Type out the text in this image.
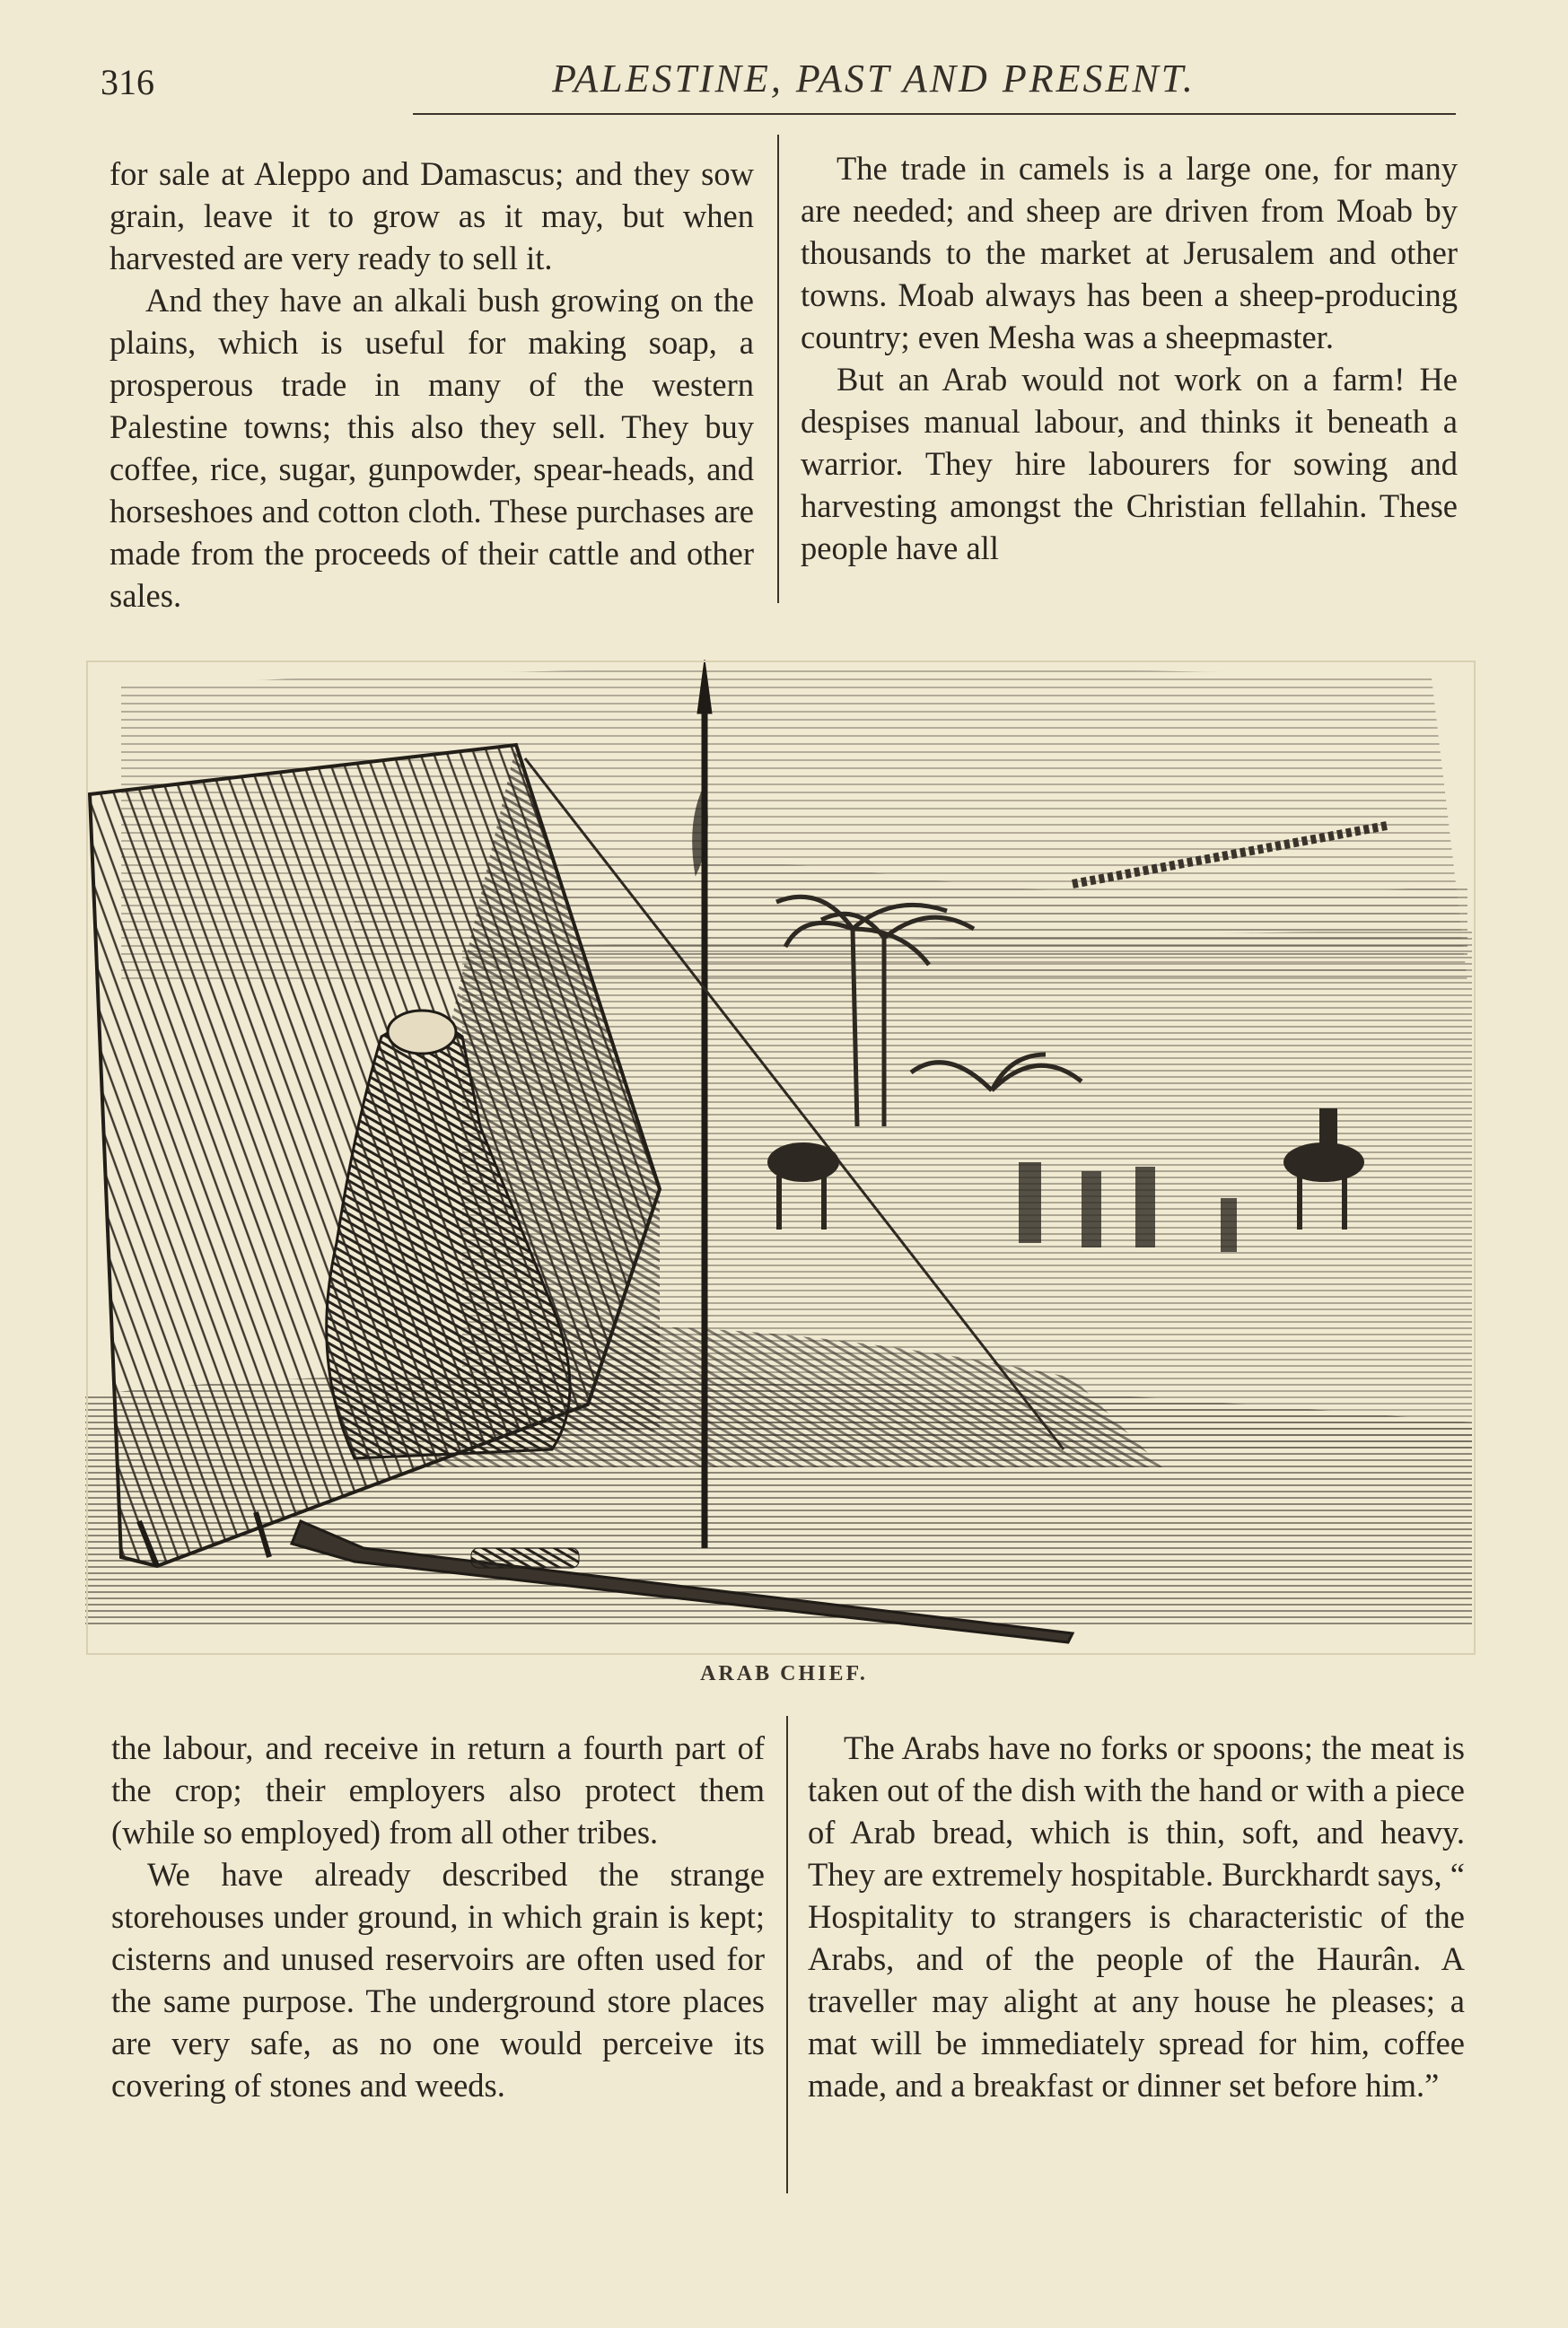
316	PALESTINE, PAST AND PRESENT.

for sale at Aleppo and Damascus; and they sow grain, leave it to grow as it may, but when harvested are very ready to sell it.

And they have an alkali bush growing on the plains, which is useful for making soap, a prosperous trade in many of the western Palestine towns; this also they sell. They buy coffee, rice, sugar, gunpowder, spear-heads, and horseshoes and cotton cloth. These purchases are made from the proceeds of their cattle and other sales.

The trade in camels is a large one, for many are needed; and sheep are driven from Moab by thousands to the market at Jerusalem and other towns. Moab always has been a sheep-producing country; even Mesha was a sheepmaster.

But an Arab would not work on a farm! He despises manual labour, and thinks it beneath a warrior. They hire labourers for sowing and harvesting amongst the Christian fellahin. These people have all

ARAB CHIEF.

the labour, and receive in return a fourth part of the crop; their employers also protect them (while so employed) from all other tribes.

We have already described the strange storehouses under ground, in which grain is kept; cisterns and unused reservoirs are often used for the same purpose. The underground store places are very safe, as no one would perceive its covering of stones and weeds.

The Arabs have no forks or spoons; the meat is taken out of the dish with the hand or with a piece of Arab bread, which is thin, soft, and heavy. They are extremely hospitable. Burckhardt says, “ Hospitality to strangers is characteristic of the Arabs, and of the people of the Haurân. A traveller may alight at any house he pleases; a mat will be immediately spread for him, coffee made, and a breakfast or dinner set before him.”
